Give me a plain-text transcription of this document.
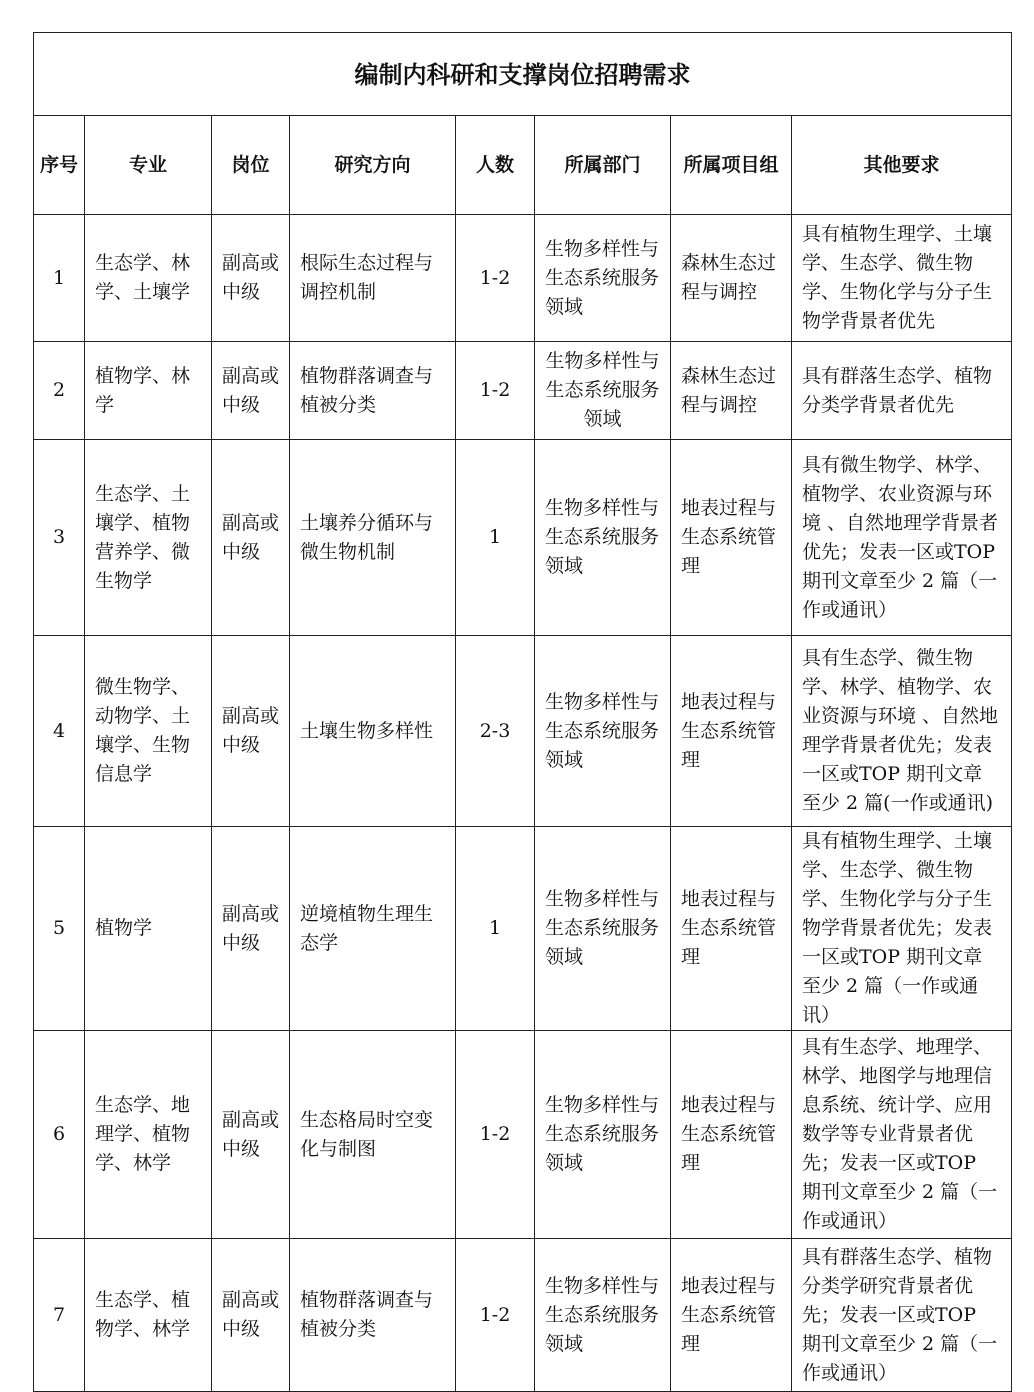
编制内科研和支撑岗位招聘需求							
序号	专业	岗位	研究方向	人数	所属部门	所属项目组	其他要求
1	生态学、林学、土壤学	副高或中级	根际生态过程与调控机制	1-2	生物多样性与生态系统服务领域	森林生态过程与调控	具有植物生理学、土壤学、生态学、微生物学、生物化学与分子生物学背景者优先
2	植物学、林学	副高或中级	植物群落调查与植被分类	1-2	生物多样性与生态系统服务领域	森林生态过程与调控	具有群落生态学、植物分类学背景者优先
3	生态学、土壤学、植物营养学、微生物学	副高或中级	土壤养分循环与微生物机制	1	生物多样性与生态系统服务领域	地表过程与生态系统管理	具有微生物学、林学、植物学、农业资源与环境 、自然地理学背景者优先；发表一区或TOP 期刊文章至少 2 篇（一作或通讯）
4	微生物学、动物学、土壤学、生物信息学	副高或中级	土壤生物多样性	2-3	生物多样性与生态系统服务领域	地表过程与生态系统管理	具有生态学、微生物学、林学、植物学、农业资源与环境 、自然地理学背景者优先；发表一区或TOP 期刊文章至少 2 篇(一作或通讯)
5	植物学	副高或中级	逆境植物生理生态学	1	生物多样性与生态系统服务领域	地表过程与生态系统管理	具有植物生理学、土壤学、生态学、微生物学、生物化学与分子生物学背景者优先；发表一区或TOP 期刊文章至少 2 篇（一作或通讯）
6	生态学、地理学、植物学、林学	副高或中级	生态格局时空变化与制图	1-2	生物多样性与生态系统服务领域	地表过程与生态系统管理	具有生态学、地理学、林学、地图学与地理信息系统、统计学、应用数学等专业背景者优先；发表一区或TOP 期刊文章至少 2 篇（一作或通讯）
7	生态学、植物学、林学	副高或中级	植物群落调查与植被分类	1-2	生物多样性与生态系统服务领域	地表过程与生态系统管理	具有群落生态学、植物分类学研究背景者优先；发表一区或TOP 期刊文章至少 2 篇（一作或通讯）
